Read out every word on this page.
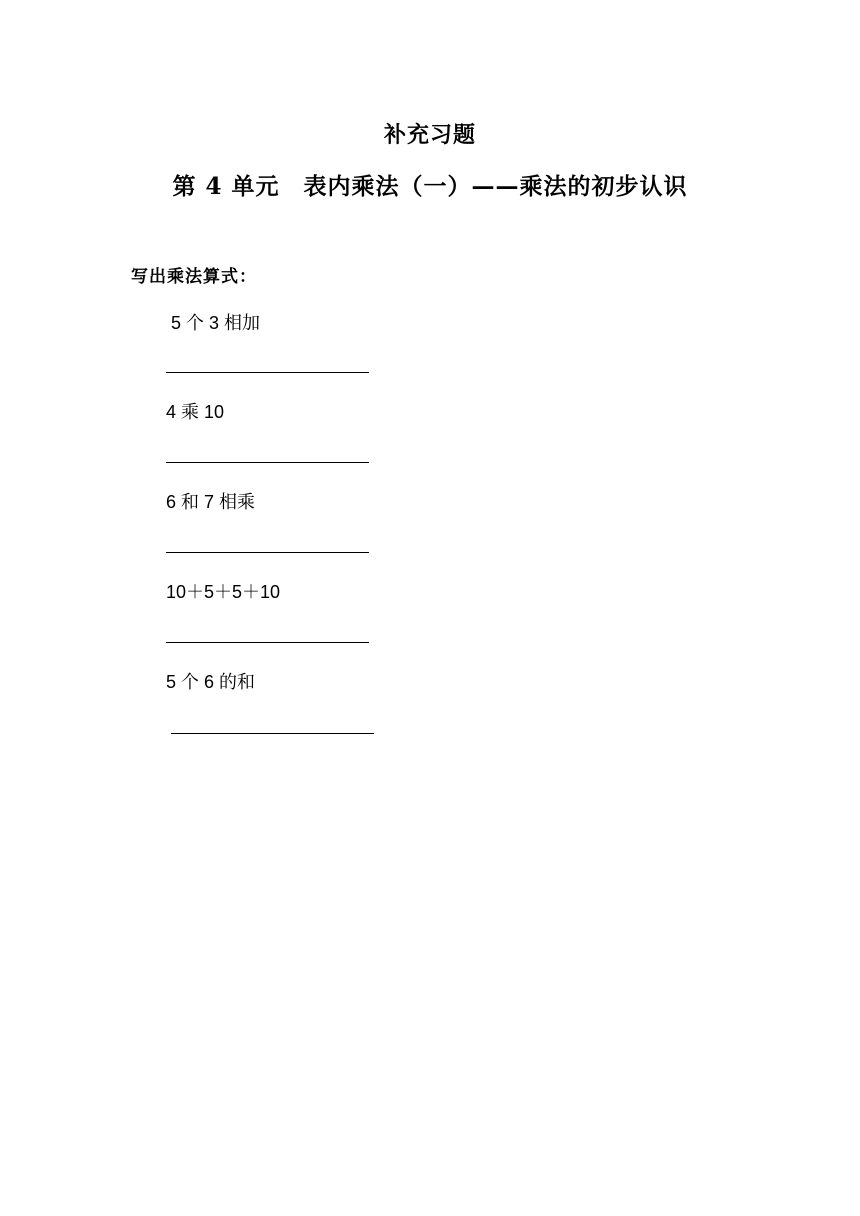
补充习题
第 4 单元　表内乘法（一）——乘法的初步认识
写出乘法算式：
5 个 3 相加
4 乘 10
6 和 7 相乘
10＋5＋5＋10
5 个 6 的和
